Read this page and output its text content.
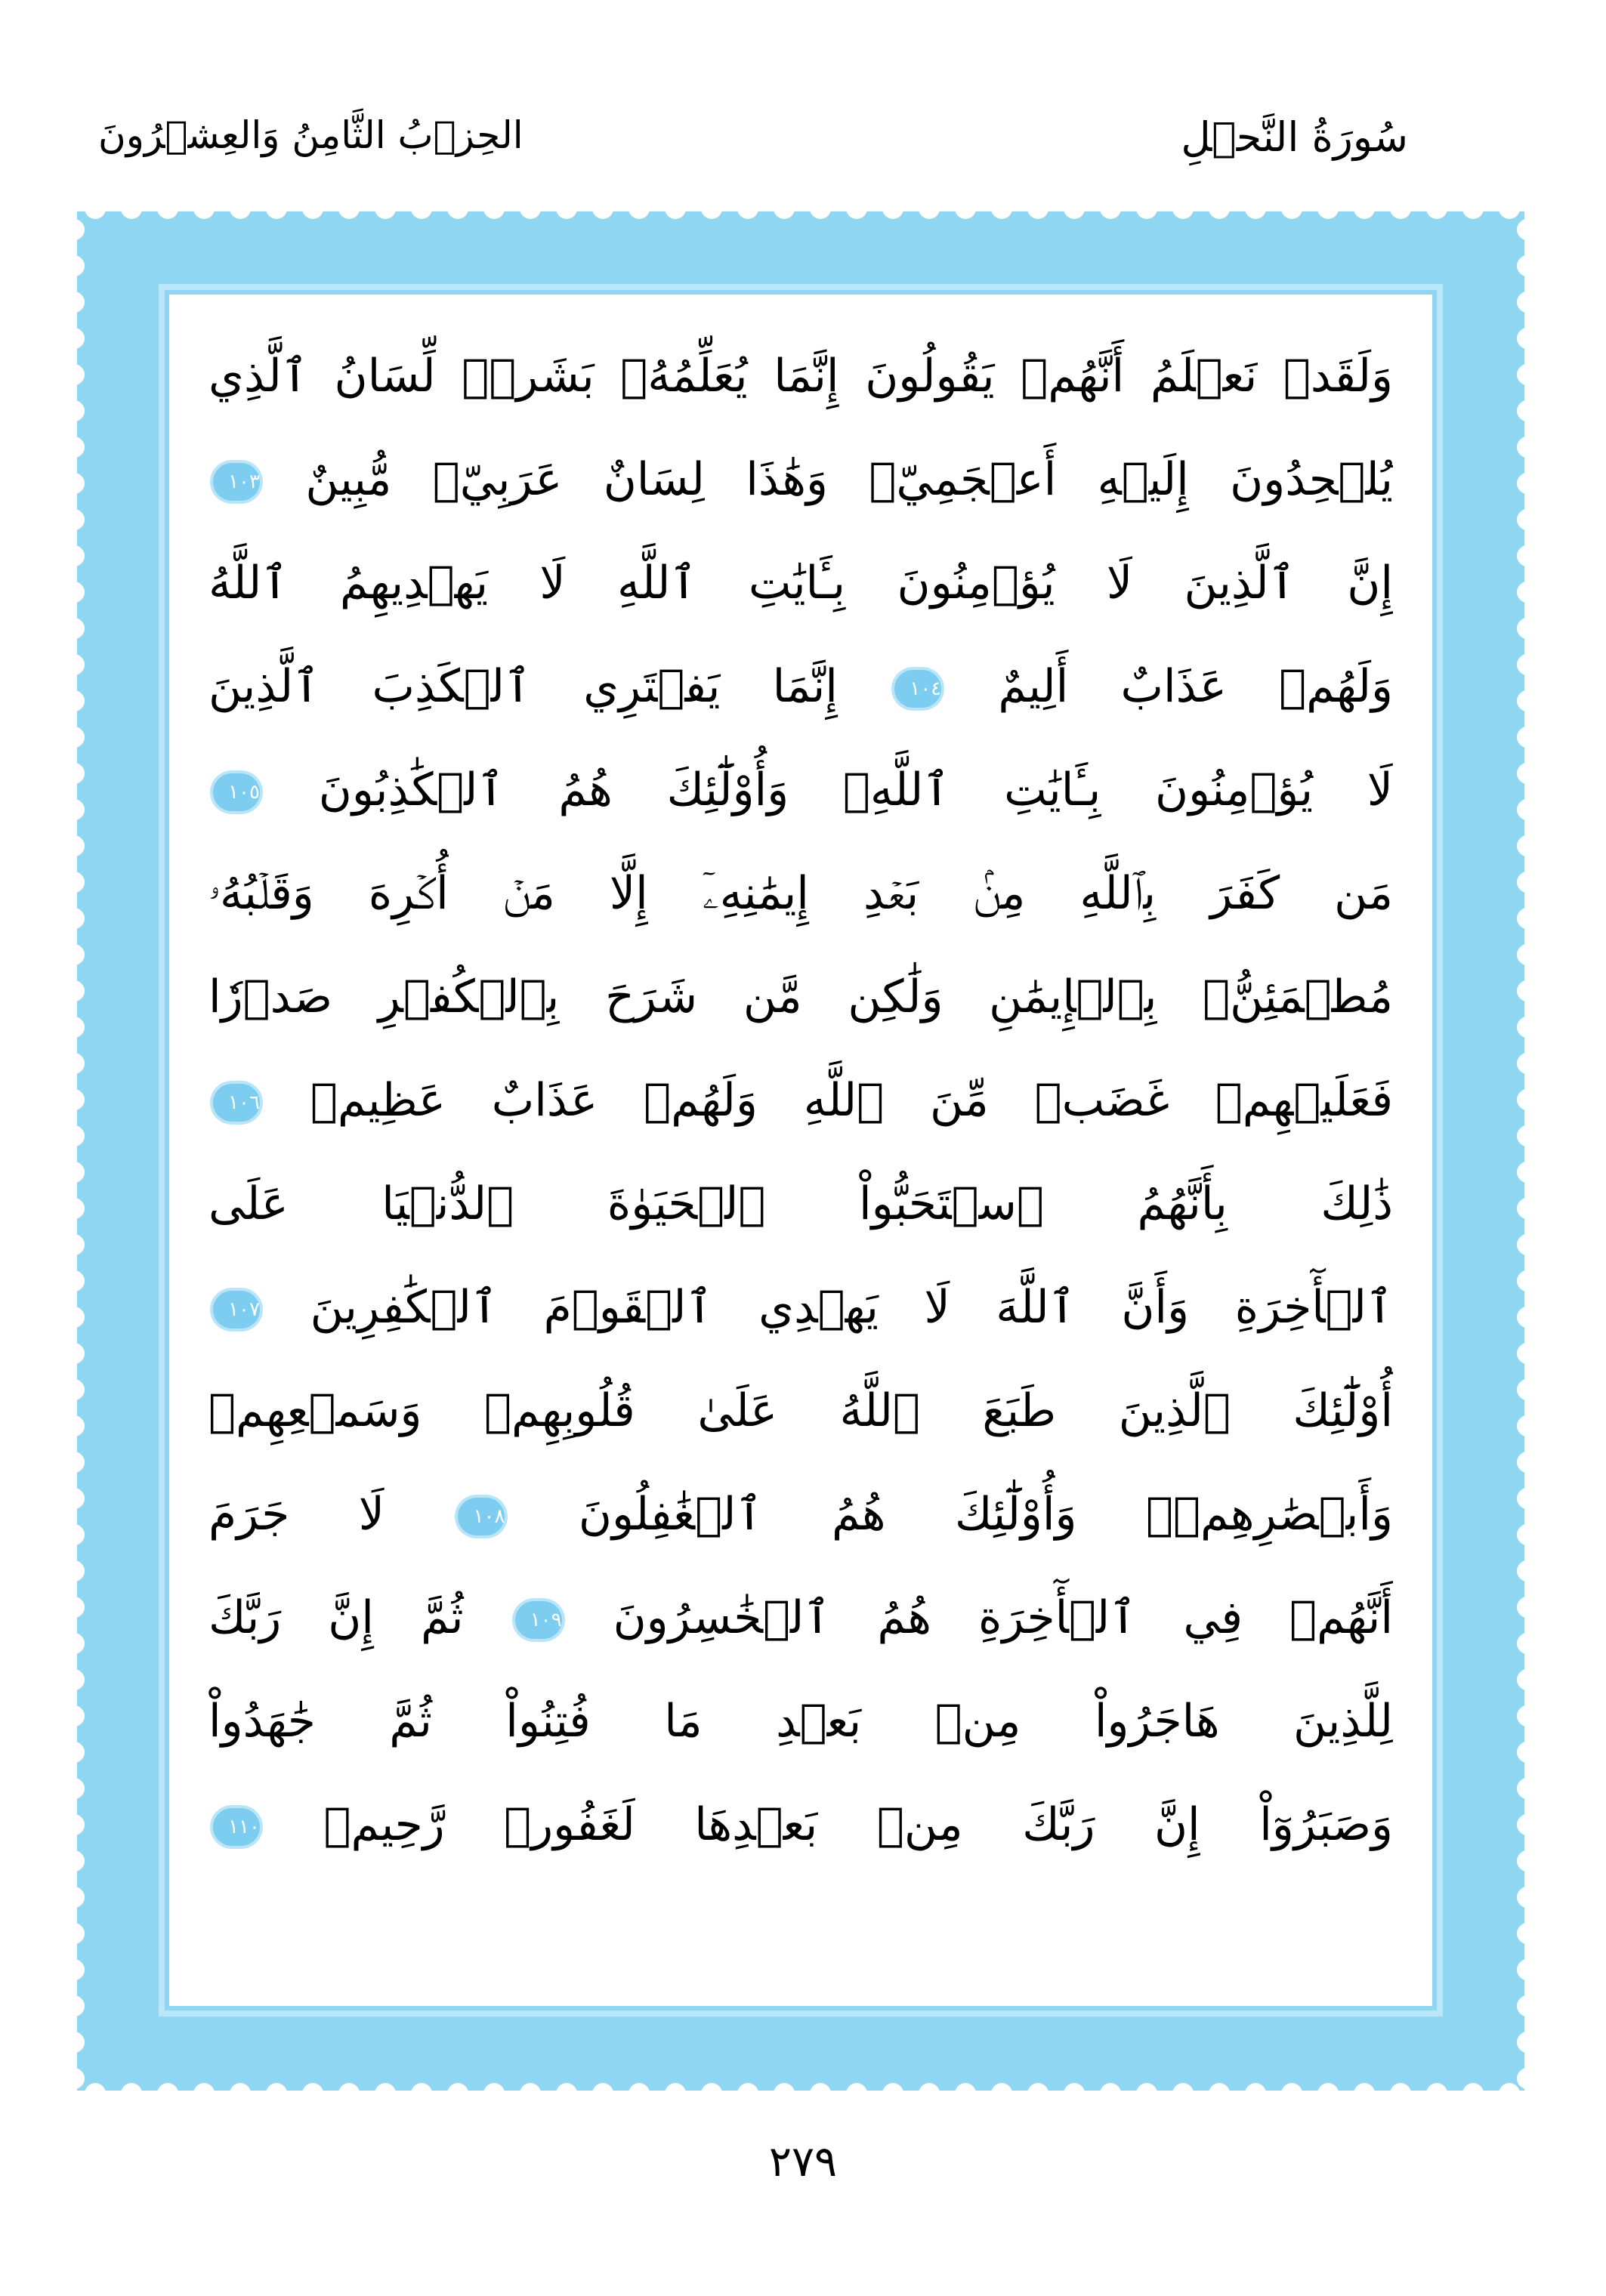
سُورَةُ النَّحۡلِ
الحِزۡبُ الثَّامِنُ وَالعِشۡرُونَ
وَلَقَدۡ نَعۡلَمُ أَنَّهُمۡ يَقُولُونَ إِنَّمَا يُعَلِّمُهُۥ بَشَرٞۗ لِّسَانُ ٱلَّذِي
يُلۡحِدُونَ إِلَيۡهِ أَعۡجَمِيّٞ وَهَٰذَا لِسَانٌ عَرَبِيّٞ مُّبِينٌ ١٠٣
إِنَّ ٱلَّذِينَ لَا يُؤۡمِنُونَ بِـَٔايَٰتِ ٱللَّهِ لَا يَهۡدِيهِمُ ٱللَّهُ
وَلَهُمۡ عَذَابٌ أَلِيمٌ ١٠٤ إِنَّمَا يَفۡتَرِي ٱلۡكَذِبَ ٱلَّذِينَ
لَا يُؤۡمِنُونَ بِـَٔايَٰتِ ٱللَّهِۖ وَأُوْلَٰٓئِكَ هُمُ ٱلۡكَٰذِبُونَ ١٠٥
مَن كَفَرَ بِٱللَّهِ مِنۢ بَعۡدِ إِيمَٰنِهِۦٓ إِلَّا مَنۡ أُكۡرِهَ وَقَلۡبُهُۥ
مُطۡمَئِنُّۢ بِٱلۡإِيمَٰنِ وَلَٰكِن مَّن شَرَحَ بِٱلۡكُفۡرِ صَدۡرٗا
فَعَلَيۡهِمۡ غَضَبٞ مِّنَ ٱللَّهِ وَلَهُمۡ عَذَابٌ عَظِيمٞ ١٠٦
ذَٰلِكَ بِأَنَّهُمُ ٱسۡتَحَبُّواْ ٱلۡحَيَوٰةَ ٱلدُّنۡيَا عَلَى
ٱلۡأٓخِرَةِ وَأَنَّ ٱللَّهَ لَا يَهۡدِي ٱلۡقَوۡمَ ٱلۡكَٰفِرِينَ ١٠٧
أُوْلَٰٓئِكَ ٱلَّذِينَ طَبَعَ ٱللَّهُ عَلَىٰ قُلُوبِهِمۡ وَسَمۡعِهِمۡ
وَأَبۡصَٰرِهِمۡۖ وَأُوْلَٰٓئِكَ هُمُ ٱلۡغَٰفِلُونَ ١٠٨ لَا جَرَمَ
أَنَّهُمۡ فِي ٱلۡأٓخِرَةِ هُمُ ٱلۡخَٰسِرُونَ ١٠٩ ثُمَّ إِنَّ رَبَّكَ
لِلَّذِينَ هَاجَرُواْ مِنۢ بَعۡدِ مَا فُتِنُواْ ثُمَّ جَٰهَدُواْ
وَصَبَرُوٓاْ إِنَّ رَبَّكَ مِنۢ بَعۡدِهَا لَغَفُورٞ رَّحِيمٞ ١١٠
٢٧٩
